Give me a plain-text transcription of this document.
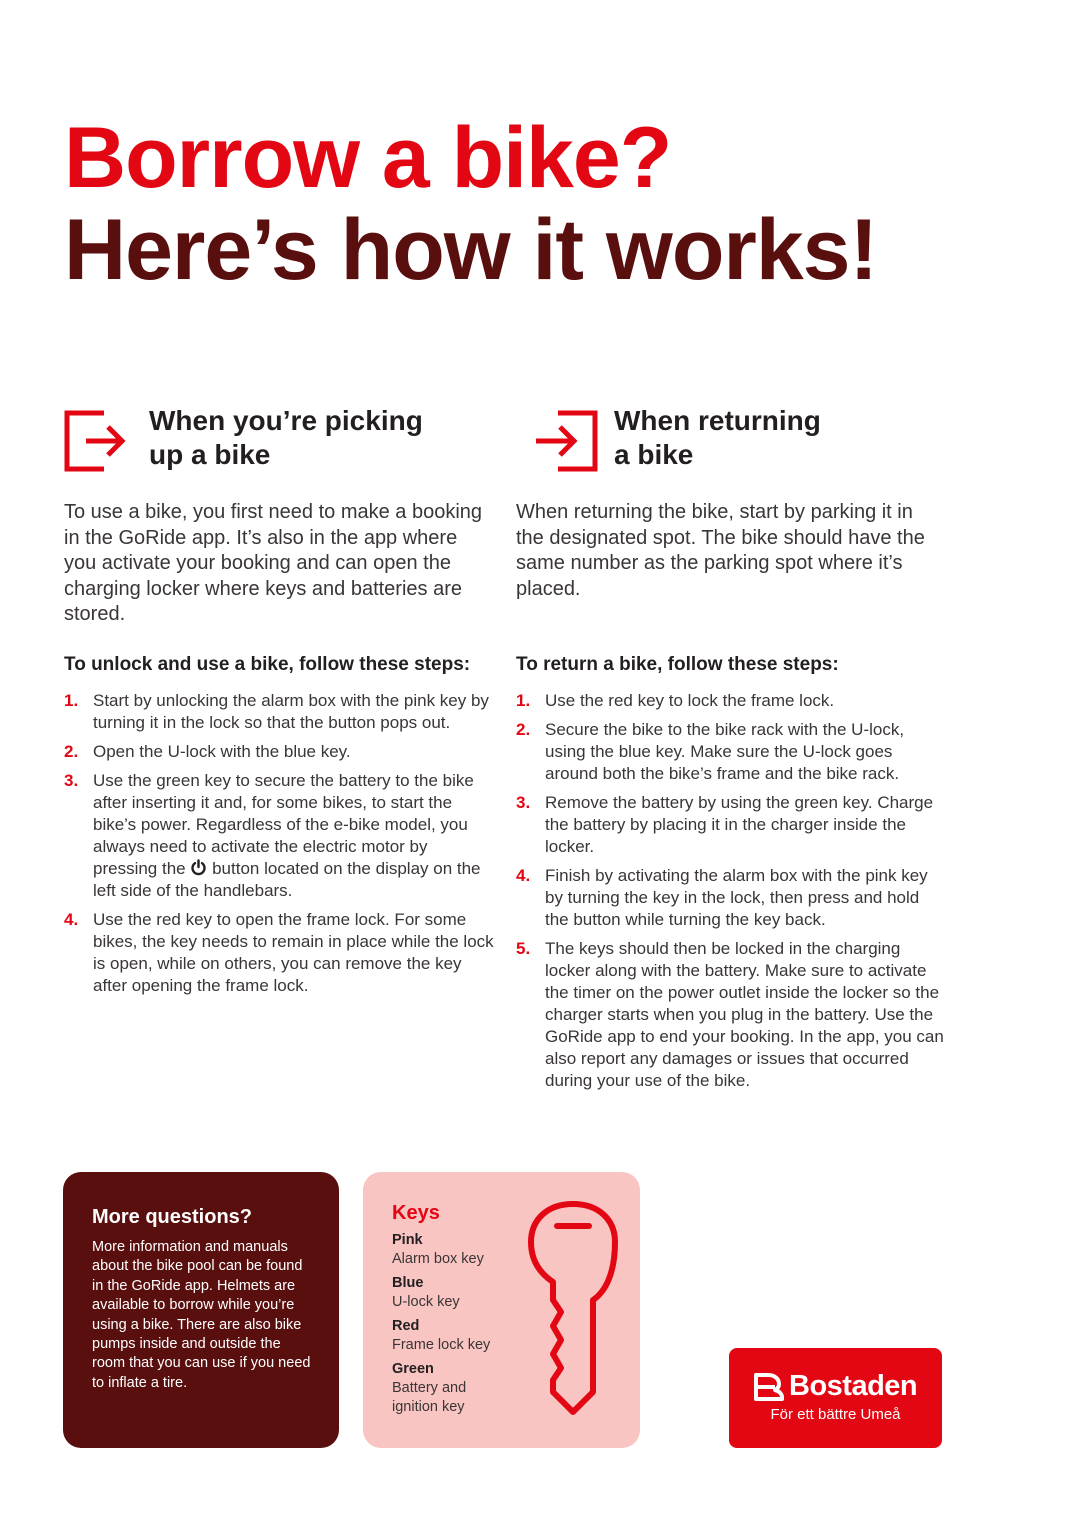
Borrow a bike?
Here’s how it works!
When you’re picking
up a bike

To use a bike, you first need to make a booking in the GoRide app. It’s also in the app where you activate your booking and can open the charging locker where keys and batteries are stored.

To unlock and use a bike, follow these steps:
1. Start by unlocking the alarm box with the pink key by turning it in the lock so that the button pops out.
2. Open the U-lock with the blue key.
3. Use the green key to secure the battery to the bike after inserting it and, for some bikes, to start the bike’s power. Regardless of the e-bike model, you always need to activate the electric motor by pressing the button located on the display on the left side of the handlebars.
4. Use the red key to open the frame lock. For some bikes, the key needs to remain in place while the lock is open, while on others, you can remove the key after opening the frame lock.
When returning
a bike

When returning the bike, start by parking it in the designated spot. The bike should have the same number as the parking spot where it’s placed.

To return a bike, follow these steps:
1. Use the red key to lock the frame lock.
2. Secure the bike to the bike rack with the U-lock, using the blue key. Make sure the U-lock goes around both the bike’s frame and the bike rack.
3. Remove the battery by using the green key. Charge the battery by placing it in the charger inside the locker.
4. Finish by activating the alarm box with the pink key by turning the key in the lock, then press and hold the button while turning the key back.
5. The keys should then be locked in the charging locker along with the battery. Make sure to activate the timer on the power outlet inside the locker so the charger starts when you plug in the battery. Use the GoRide app to end your booking. In the app, you can also report any damages or issues that occurred during your use of the bike.
More questions?

More information and manuals about the bike pool can be found in the GoRide app. Helmets are available to borrow while you’re using a bike. There are also bike pumps inside and outside the room that you can use if you need to inflate a tire.

Keys
Pink
Alarm box key
Blue
U-lock key
Red
Frame lock key
Green
Battery and ignition key
Bostaden
För ett bättre Umeå
